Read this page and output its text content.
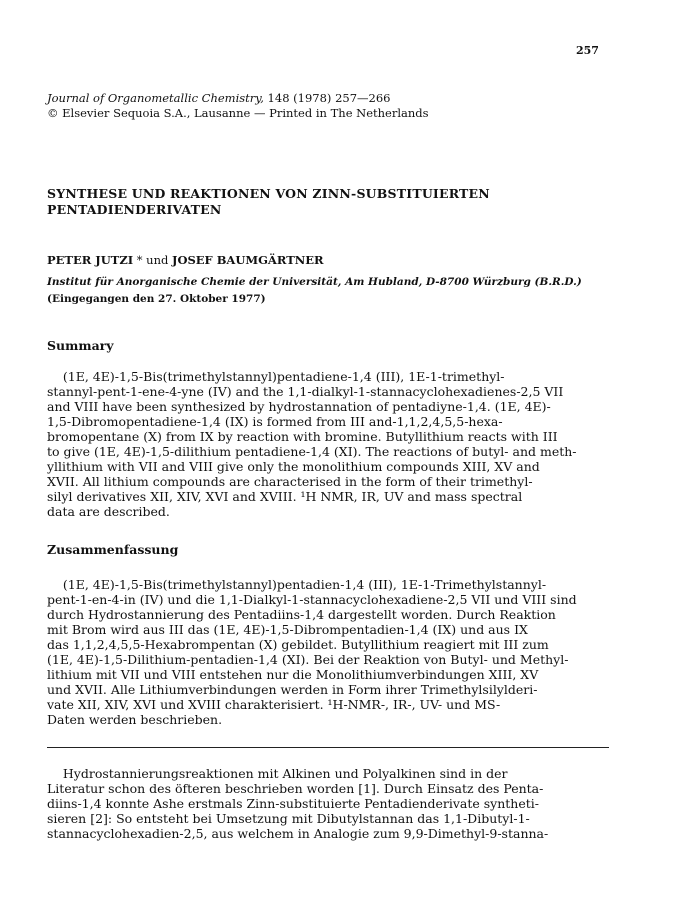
257
Journal of Organometallic Chemistry, 148 (1978) 257—266
© Elsevier Sequoia S.A., Lausanne — Printed in The Netherlands
SYNTHESE UND REAKTIONEN VON ZINN-SUBSTITUIERTEN
PENTADIENDERIVATEN
PETER JUTZI * und JOSEF BAUMGÄRTNER
Institut für Anorganische Chemie der Universität, Am Hubland, D-8700 Würzburg (B.R.D.)
(Eingegangen den 27. Oktober 1977)
Summary
(1E, 4E)-1,5-Bis(trimethylstannyl)pentadiene-1,4 (III), 1E-1-trimethyl-
stannyl-pent-1-ene-4-yne (IV) and the 1,1-dialkyl-1-stannacyclohexadienes-2,5 VII
and VIII have been synthesized by hydrostannation of pentadiyne-1,4. (1E, 4E)-
1,5-Dibromopentadiene-1,4 (IX) is formed from III and-1,1,2,4,5,5-hexa-
bromopentane (X) from IX by reaction with bromine. Butyllithium reacts with III
to give (1E, 4E)-1,5-dilithium pentadiene-1,4 (XI). The reactions of butyl- and meth-
yllithium with VII and VIII give only the monolithium compounds XIII, XV and
XVII. All lithium compounds are characterised in the form of their trimethyl-
silyl derivatives XII, XIV, XVI and XVIII. ¹H NMR, IR, UV and mass spectral
data are described.
Zusammenfassung
(1E, 4E)-1,5-Bis(trimethylstannyl)pentadien-1,4 (III), 1E-1-Trimethylstannyl-
pent-1-en-4-in (IV) und die 1,1-Dialkyl-1-stannacyclohexadiene-2,5 VII und VIII sind
durch Hydrostannierung des Pentadiins-1,4 dargestellt worden. Durch Reaktion
mit Brom wird aus III das (1E, 4E)-1,5-Dibrompentadien-1,4 (IX) und aus IX
das 1,1,2,4,5,5-Hexabrompentan (X) gebildet. Butyllithium reagiert mit III zum
(1E, 4E)-1,5-Dilithium-pentadien-1,4 (XI). Bei der Reaktion von Butyl- und Methyl-
lithium mit VII und VIII entstehen nur die Monolithiumverbindungen XIII, XV
und XVII. Alle Lithiumverbindungen werden in Form ihrer Trimethylsilylderi-
vate XII, XIV, XVI und XVIII charakterisiert. ¹H-NMR-, IR-, UV- und MS-
Daten werden beschrieben.
Hydrostannierungsreaktionen mit Alkinen und Polyalkinen sind in der
Literatur schon des öfteren beschrieben worden [1]. Durch Einsatz des Penta-
diins-1,4 konnte Ashe erstmals Zinn-substituierte Pentadienderivate syntheti-
sieren [2]: So entsteht bei Umsetzung mit Dibutylstannan das 1,1-Dibutyl-1-
stannacyclohexadien-2,5, aus welchem in Analogie zum 9,9-Dimethyl-9-stanna-
